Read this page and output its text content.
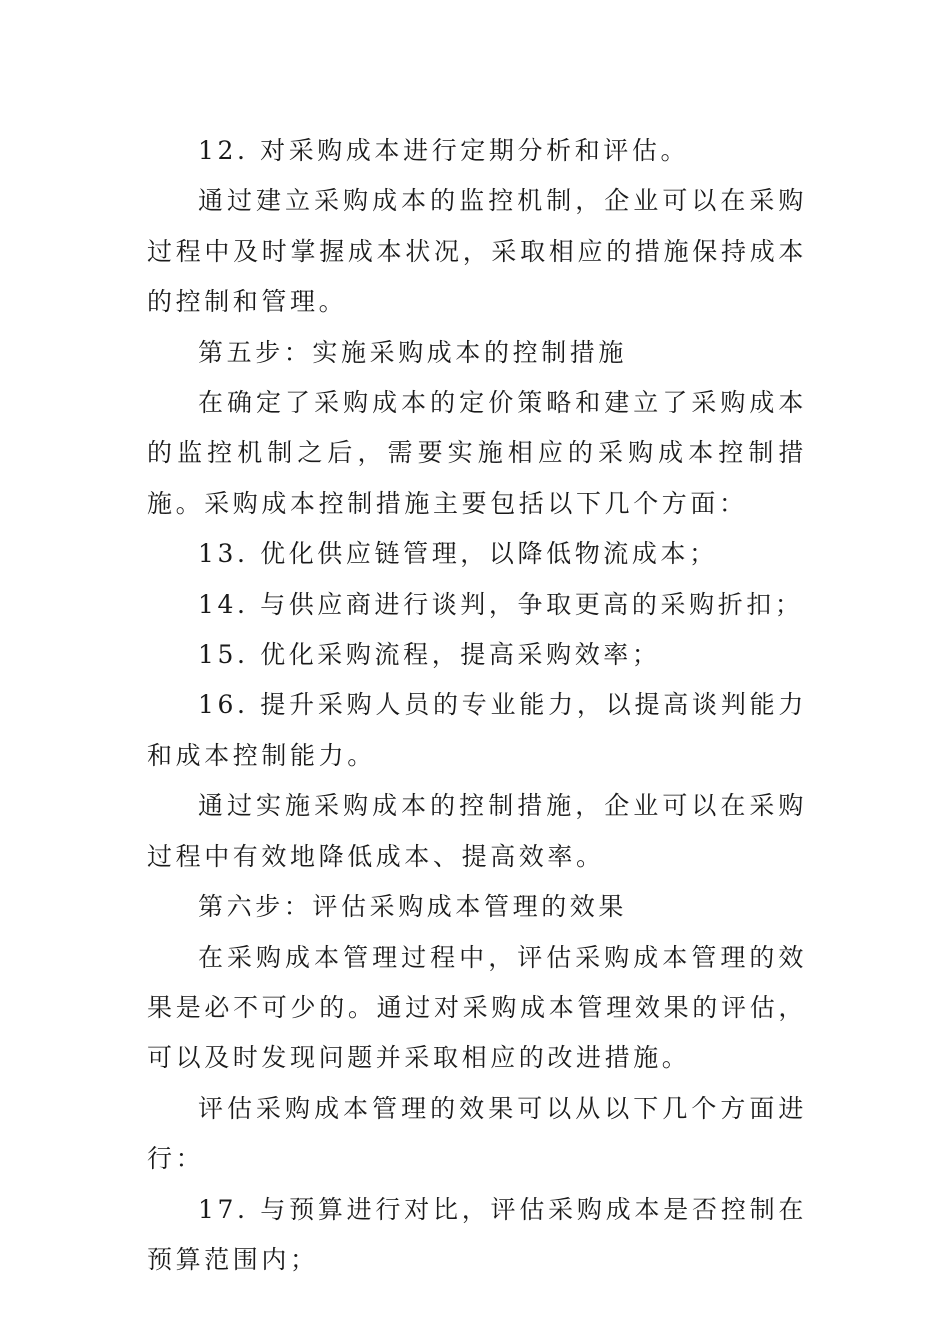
12. 对采购成本进行定期分析和评估。

通过建立采购成本的监控机制，企业可以在采购过程中及时掌握成本状况，采取相应的措施保持成本的控制和管理。

第五步：实施采购成本的控制措施

在确定了采购成本的定价策略和建立了采购成本的监控机制之后，需要实施相应的采购成本控制措施。采购成本控制措施主要包括以下几个方面：

13. 优化供应链管理，以降低物流成本；

14. 与供应商进行谈判，争取更高的采购折扣；

15. 优化采购流程，提高采购效率；

16. 提升采购人员的专业能力，以提高谈判能力和成本控制能力。

通过实施采购成本的控制措施，企业可以在采购过程中有效地降低成本、提高效率。

第六步：评估采购成本管理的效果

在采购成本管理过程中，评估采购成本管理的效果是必不可少的。通过对采购成本管理效果的评估，可以及时发现问题并采取相应的改进措施。

评估采购成本管理的效果可以从以下几个方面进行：

17. 与预算进行对比，评估采购成本是否控制在预算范围内；
